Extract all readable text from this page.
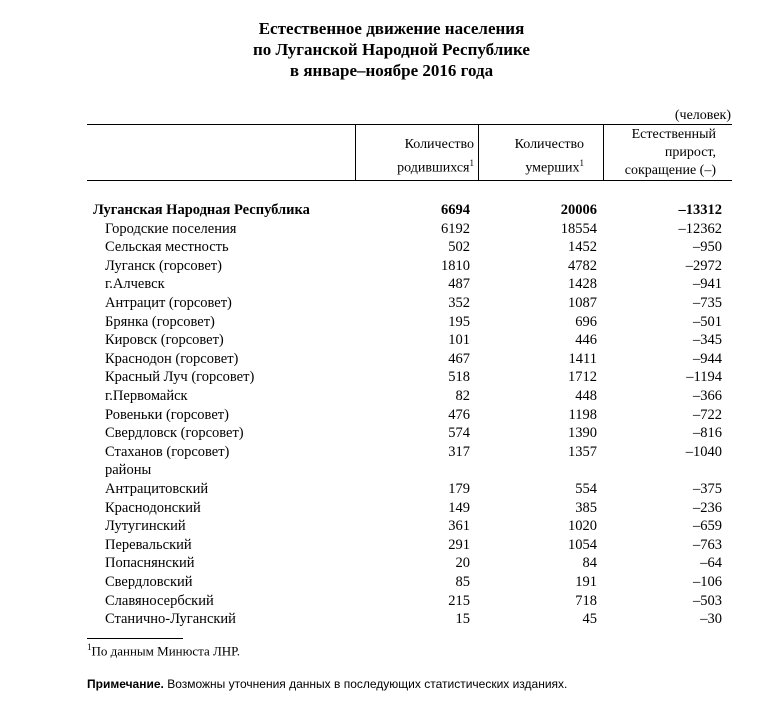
Естественное движение населения
по Луганской Народной Республике
в январе–ноябре 2016 года
(человек)
Количество
родившихся$^1$
Количество
умерших$^1$
Естественный
прирост,
сокращение (–)
Луганская Народная Республика	6694	20006	–13312
Городские поселения	6192	18554	–12362
Сельская местность	502	1452	–950
Луганск (горсовет)	1810	4782	–2972
г.Алчевск	487	1428	–941
Антрацит (горсовет)	352	1087	–735
Брянка (горсовет)	195	696	–501
Кировск (горсовет)	101	446	–345
Краснодон (горсовет)	467	1411	–944
Красный Луч (горсовет)	518	1712	–1194
г.Первомайск	82	448	–366
Ровеньки (горсовет)	476	1198	–722
Свердловск (горсовет)	574	1390	–816
Стаханов (горсовет)	317	1357	–1040
районы
Антрацитовский	179	554	–375
Краснодонский	149	385	–236
Лутугинский	361	1020	–659
Перевальский	291	1054	–763
Попаснянский	20	84	–64
Свердловский	85	191	–106
Славяносербский	215	718	–503
Станично-Луганский	15	45	–30
$^1$По данным Минюста ЛНР.
Примечание. Возможны уточнения данных в последующих статистических изданиях.
